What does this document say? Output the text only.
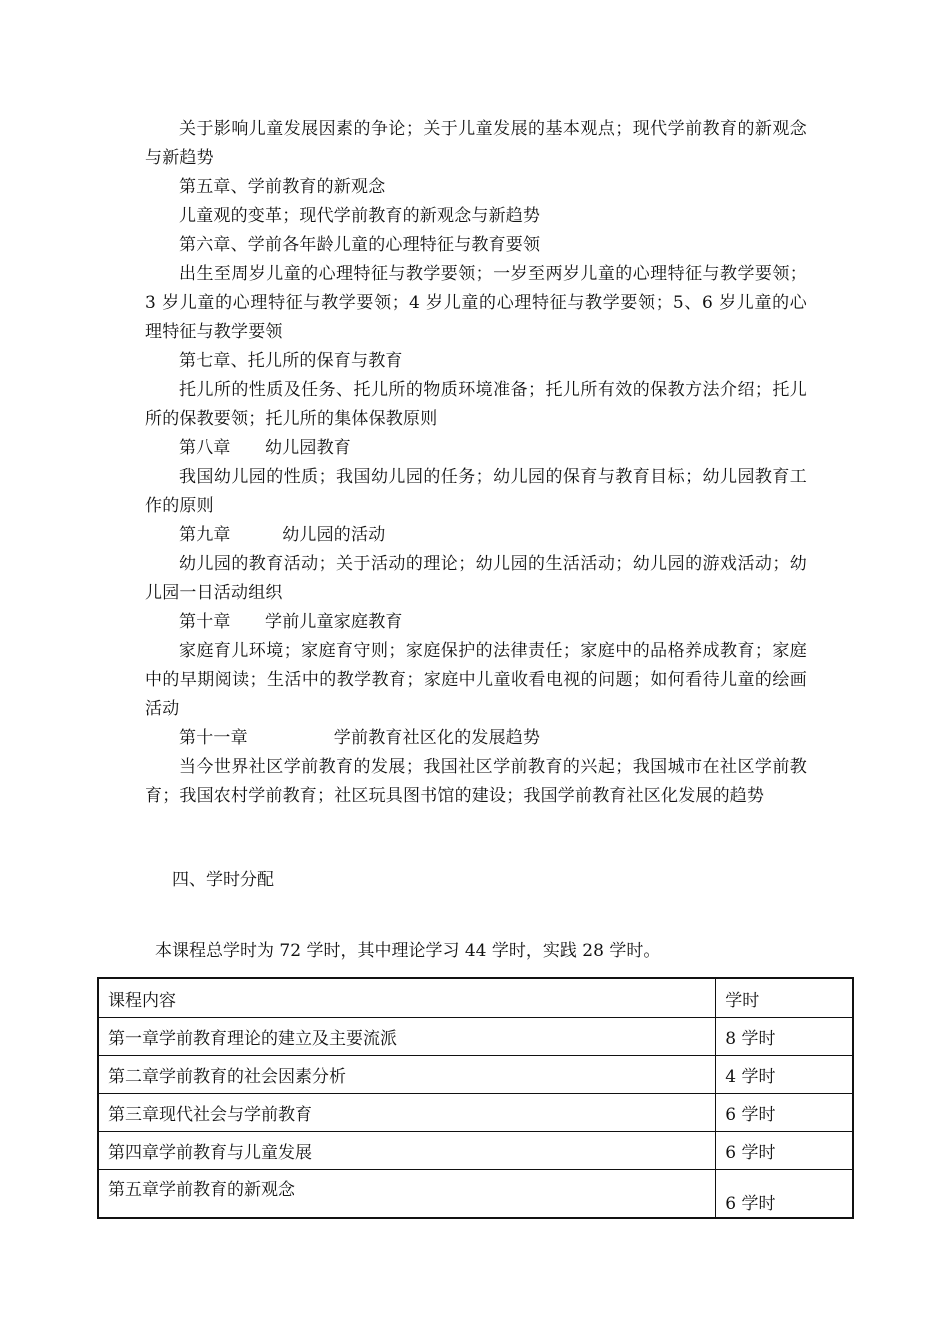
关于影响儿童发展因素的争论；关于儿童发展的基本观点；现代学前教育的新观念与新趋势

第五章、学前教育的新观念

儿童观的变革；现代学前教育的新观念与新趋势

第六章、学前各年龄儿童的心理特征与教育要领

出生至周岁儿童的心理特征与教学要领；一岁至两岁儿童的心理特征与教学要领；3 岁儿童的心理特征与教学要领；4 岁儿童的心理特征与教学要领；5、6 岁儿童的心理特征与教学要领

第七章、托儿所的保育与教育

托儿所的性质及任务、托儿所的物质环境准备；托儿所有效的保教方法介绍；托儿所的保教要领；托儿所的集体保教原则

第八章　　幼儿园教育

我国幼儿园的性质；我国幼儿园的任务；幼儿园的保育与教育目标；幼儿园教育工作的原则

第九章　　　幼儿园的活动

幼儿园的教育活动；关于活动的理论；幼儿园的生活活动；幼儿园的游戏活动；幼儿园一日活动组织

第十章　　学前儿童家庭教育

家庭育儿环境；家庭育守则；家庭保护的法律责任；家庭中的品格养成教育；家庭中的早期阅读；生活中的教学教育；家庭中儿童收看电视的问题；如何看待儿童的绘画活动

第十一章　　　　　学前教育社区化的发展趋势

当今世界社区学前教育的发展；我国社区学前教育的兴起；我国城市在社区学前教育；我国农村学前教育；社区玩具图书馆的建设；我国学前教育社区化发展的趋势

四、学时分配

本课程总学时为 72 学时，其中理论学习 44 学时，实践 28 学时。

课程内容	学时
第一章学前教育理论的建立及主要流派	8 学时
第二章学前教育的社会因素分析	4 学时
第三章现代社会与学前教育	6 学时
第四章学前教育与儿童发展	6 学时
第五章学前教育的新观念	6 学时
